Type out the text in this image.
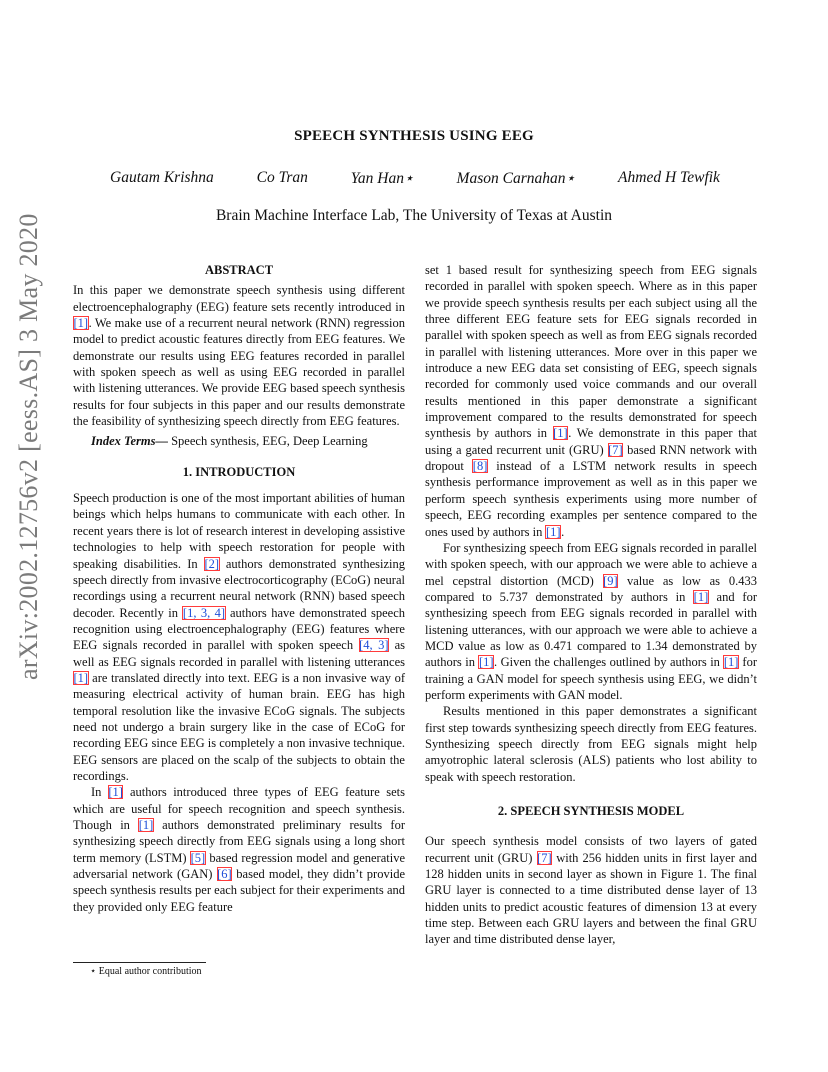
arXiv:2002.12756v2 [eess.AS] 3 May 2020
SPEECH SYNTHESIS USING EEG
Gautam Krishna	Co Tran	Yan Han⋆	Mason Carnahan⋆	Ahmed H Tewfik
Brain Machine Interface Lab, The University of Texas at Austin
ABSTRACT

In this paper we demonstrate speech synthesis using different electroencephalography (EEG) feature sets recently introduced in [1]. We make use of a recurrent neural network (RNN) regression model to predict acoustic features directly from EEG features. We demonstrate our results using EEG features recorded in parallel with spoken speech as well as using EEG recorded in parallel with listening utterances. We provide EEG based speech synthesis results for four subjects in this paper and our results demonstrate the feasibility of synthesizing speech directly from EEG features.

Index Terms— Speech synthesis, EEG, Deep Learning

1. INTRODUCTION

Speech production is one of the most important abilities of human beings which helps humans to communicate with each other. In recent years there is lot of research interest in developing assistive technologies to help with speech restoration for people with speaking disabilities. In [2] authors demonstrated synthesizing speech directly from invasive electrocorticography (ECoG) neural recordings using a recurrent neural network (RNN) based speech decoder. Recently in [1, 3, 4] authors have demonstrated speech recognition using electroencephalography (EEG) features where EEG signals recorded in parallel with spoken speech [4, 3] as well as EEG signals recorded in parallel with listening utterances [1] are translated directly into text. EEG is a non invasive way of measuring electrical activity of human brain. EEG has high temporal resolution like the invasive ECoG signals. The subjects need not undergo a brain surgery like in the case of ECoG for recording EEG since EEG is completely a non invasive technique. EEG sensors are placed on the scalp of the subjects to obtain the recordings.

In [1] authors introduced three types of EEG feature sets which are useful for speech recognition and speech synthesis. Though in [1] authors demonstrated preliminary results for synthesizing speech directly from EEG signals using a long short term memory (LSTM) [5] based regression model and generative adversarial network (GAN) [6] based model, they didn’t provide speech synthesis results per each subject for their experiments and they provided only EEG feature

set 1 based result for synthesizing speech from EEG signals recorded in parallel with spoken speech. Where as in this paper we provide speech synthesis results per each subject using all the three different EEG feature sets for EEG signals recorded in parallel with spoken speech as well as from EEG signals recorded in parallel with listening utterances. More over in this paper we introduce a new EEG data set consisting of EEG, speech signals recorded for commonly used voice commands and our overall results mentioned in this paper demonstrate a significant improvement compared to the results demonstrated for speech synthesis by authors in [1]. We demonstrate in this paper that using a gated recurrent unit (GRU) [7] based RNN network with dropout [8] instead of a LSTM network results in speech synthesis performance improvement as well as in this paper we perform speech synthesis experiments using more number of speech, EEG recording examples per sentence compared to the ones used by authors in [1].

For synthesizing speech from EEG signals recorded in parallel with spoken speech, with our approach we were able to achieve a mel cepstral distortion (MCD) [9] value as low as 0.433 compared to 5.737 demonstrated by authors in [1] and for synthesizing speech from EEG signals recorded in parallel with listening utterances, with our approach we were able to achieve a MCD value as low as 0.471 compared to 1.34 demonstrated by authors in [1]. Given the challenges outlined by authors in [1] for training a GAN model for speech synthesis using EEG, we didn’t perform experiments with GAN model.

Results mentioned in this paper demonstrates a significant first step towards synthesizing speech directly from EEG features. Synthesizing speech directly from EEG signals might help amyotrophic lateral sclerosis (ALS) patients who lost ability to speak with speech restoration.

2. SPEECH SYNTHESIS MODEL

Our speech synthesis model consists of two layers of gated recurrent unit (GRU) [7] with 256 hidden units in first layer and 128 hidden units in second layer as shown in Figure 1. The final GRU layer is connected to a time distributed dense layer of 13 hidden units to predict acoustic features of dimension 13 at every time step. Between each GRU layers and between the final GRU layer and time distributed dense layer,

⋆ Equal author contribution
